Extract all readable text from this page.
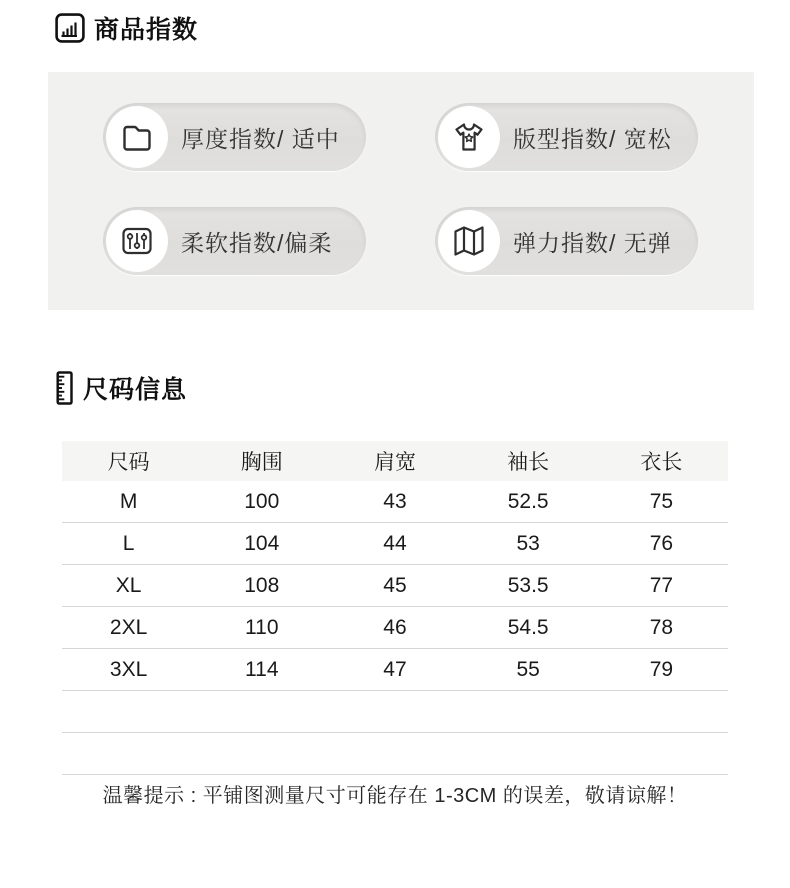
商品指数
厚度指数/ 适中	版型指数/ 宽松
柔软指数/偏柔	弹力指数/ 无弹
尺码信息
尺码	胸围	肩宽	袖长	衣长
M	100	43	52.5	75
L	104	44	53	76
XL	108	45	53.5	77
2XL	110	46	54.5	78
3XL	114	47	55	79

温馨提示 : 平铺图测量尺寸可能存在 1-3CM 的误差，敬请谅解！
